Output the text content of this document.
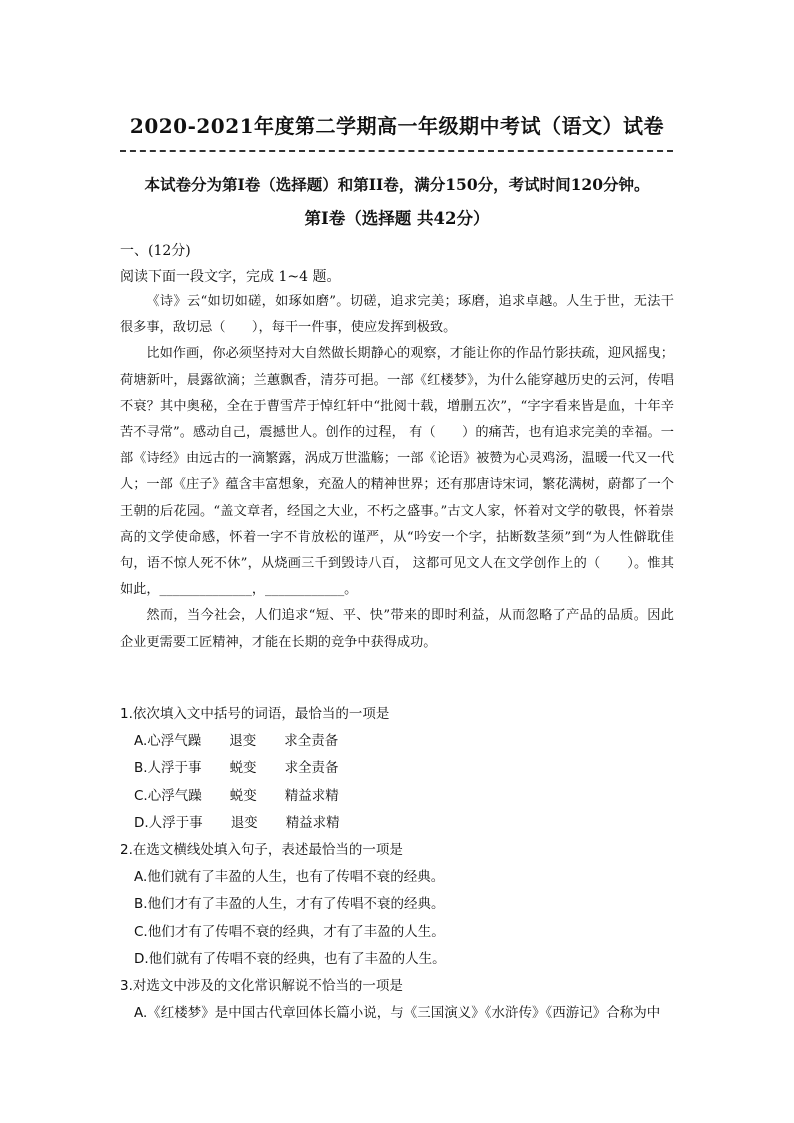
2020-2021年度第二学期高一年级期中考试（语文）试卷
本试卷分为第Ⅰ卷（选择题）和第II卷，满分150分，考试时间120分钟。
第Ⅰ卷（选择题 共42分）
一、(12分)
阅读下面一段文字，完成 1~4 题。

《诗》云“如切如磋，如琢如磨”。切磋，追求完美；琢磨，追求卓越。人生于世，无法干很多事，敌切忌（　　），每干一件事，使应发挥到极致。

比如作画，你必须坚持对大自然做长期静心的观察，才能让你的作品竹影扶疏，迎风摇曳；荷塘新叶，晨露欲滴；兰蕙飘香，清芬可挹。一部《红楼梦》，为什么能穿越历史的云河，传唱不衰？其中奥秘，全在于曹雪芹于悼红轩中“批阅十载，增删五次”，“字字看来皆是血，十年辛苦不寻常”。感动自己，震撼世人。创作的过程， 有（　　）的痛苦，也有追求完美的幸福。一部《诗经》由远古的一滴繁露，涡成万世滥觞；一部《论语》被赞为心灵鸡汤，温暖一代又一代人；一部《庄子》蕴含丰富想象，充盈人的精神世界；还有那唐诗宋词，繁花满树，蔚都了一个王朝的后花园。“盖文章者，经国之大业，不朽之盛事。”古文人家，怀着对文学的敬畏，怀着崇高的文学使命感，怀着一字不肯放松的谨严，从“吟安一个字，拈断数茎须”到“为人性僻耽佳句，语不惊人死不休”，从烧画三千到毁诗八百， 这都可见文人在文学创作上的（　　）。惟其如此，______________，____________。

然而，当今社会，人们追求“短、平、快”带来的即时利益，从而忽略了产品的品质。因此企业更需要工匠精神，才能在长期的竞争中获得成功。

1.依次填入文中括号的词语，最恰当的一项是
A.心浮气躁 退变 求全责备
B.人浮于事 蜕变 求全责备
C.心浮气躁 蜕变 精益求精
D.人浮于事 退变 精益求精
2.在选文横线处填入句子，表述最恰当的一项是
A.他们就有了丰盈的人生，也有了传唱不衰的经典。
B.他们才有了丰盈的人生，才有了传唱不衰的经典。
C.他们才有了传唱不衰的经典，才有了丰盈的人生。
D.他们就有了传唱不衰的经典，也有了丰盈的人生。
3.对选文中涉及的文化常识解说不恰当的一项是
A.《红楼梦》是中国古代章回体长篇小说，与《三国演义》《水浒传》《西游记》合称为中
